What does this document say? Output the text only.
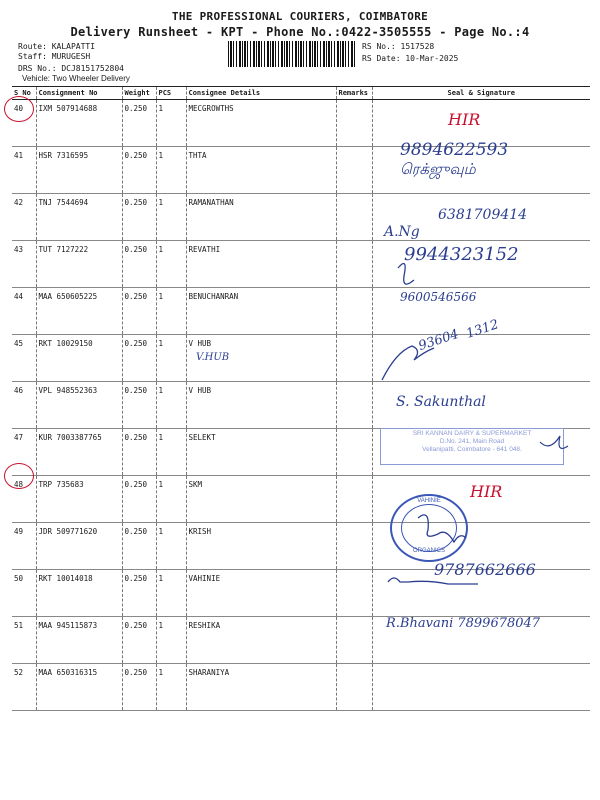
THE PROFESSIONAL COURIERS, COIMBATORE
Delivery Runsheet - KPT - Phone No.:0422-3505555 - Page No.:4
Route: KALAPATTI
Staff: MURUGESH
DRS No.: DCJ8151752804
Vehicle: Two Wheeler Delivery
RS No.: 1517528
RS Date: 10-Mar-2025
S No	Consignment No	Weight	PCS	Consignee Details	Remarks	Seal & Signature
40	IXM 507914688	0.250	1	MECGROWTHS		
41	HSR 7316595	0.250	1	THTA		
42	TNJ 7544694	0.250	1	RAMANATHAN		
43	TUT 7127222	0.250	1	REVATHI		
44	MAA 650605225	0.250	1	BENUCHANRAN		
45	RKT 10029150	0.250	1	V HUB		
46	VPL 948552363	0.250	1	V HUB		
47	KUR 7003387765	0.250	1	SELEKT		
48	TRP 735683	0.250	1	SKM		
49	JDR 509771620	0.250	1	KRISH		
50	RKT 10014018	0.250	1	VAHINIE		
51	MAA 945115873	0.250	1	RESHIKA		
52	MAA 650316315	0.250	1	SHARANIYA		
HIR
9894622593
ரெக்ஜுவும்
6381709414
A.Ng
9944323152
9600546566
V.HUB
93604 1312
S. Sakunthal
SRI KANNAN DAIRY & SUPERMARKET
D.No. 241, Main Road
Vellanipatti, Coimbatore - 641 048.
HIR
VAHINIE
ORGANICS
9787662666
R.Bhavani 7899678047
